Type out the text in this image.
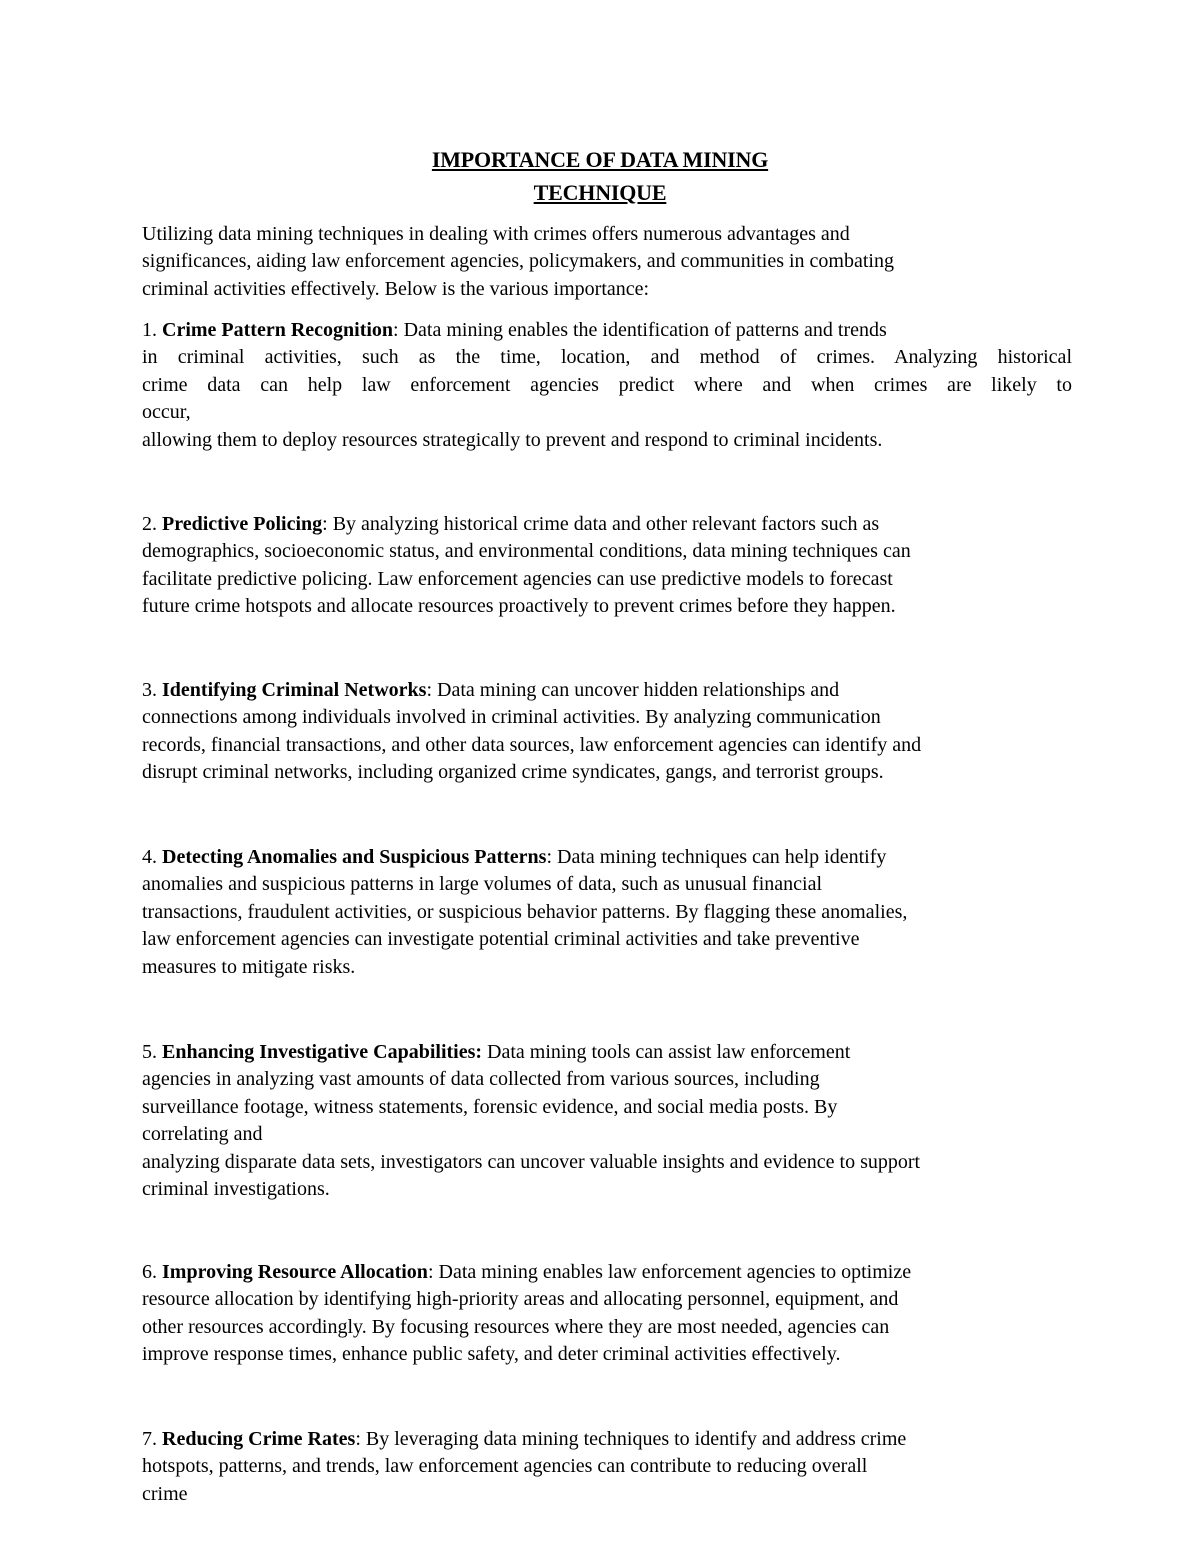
IMPORTANCE OF DATA MINING
TECHNIQUE
Utilizing data mining techniques in dealing with crimes offers numerous advantages and
significances, aiding law enforcement agencies, policymakers, and communities in combating
criminal activities effectively. Below is the various importance:
1. Crime Pattern Recognition: Data mining enables the identification of patterns and trends
in criminal activities, such as the time, location, and method of crimes. Analyzing historical
crime data can help law enforcement agencies predict where and when crimes are likely to
occur,
allowing them to deploy resources strategically to prevent and respond to criminal incidents.
2. Predictive Policing: By analyzing historical crime data and other relevant factors such as
demographics, socioeconomic status, and environmental conditions, data mining techniques can
facilitate predictive policing. Law enforcement agencies can use predictive models to forecast
future crime hotspots and allocate resources proactively to prevent crimes before they happen.
3. Identifying Criminal Networks: Data mining can uncover hidden relationships and
connections among individuals involved in criminal activities. By analyzing communication
records, financial transactions, and other data sources, law enforcement agencies can identify and
disrupt criminal networks, including organized crime syndicates, gangs, and terrorist groups.
4. Detecting Anomalies and Suspicious Patterns: Data mining techniques can help identify
anomalies and suspicious patterns in large volumes of data, such as unusual financial
transactions, fraudulent activities, or suspicious behavior patterns. By flagging these anomalies,
law enforcement agencies can investigate potential criminal activities and take preventive
measures to mitigate risks.
5. Enhancing Investigative Capabilities: Data mining tools can assist law enforcement
agencies in analyzing vast amounts of data collected from various sources, including
surveillance footage, witness statements, forensic evidence, and social media posts. By
correlating and
analyzing disparate data sets, investigators can uncover valuable insights and evidence to support
criminal investigations.
6. Improving Resource Allocation: Data mining enables law enforcement agencies to optimize
resource allocation by identifying high-priority areas and allocating personnel, equipment, and
other resources accordingly. By focusing resources where they are most needed, agencies can
improve response times, enhance public safety, and deter criminal activities effectively.
7. Reducing Crime Rates: By leveraging data mining techniques to identify and address crime
hotspots, patterns, and trends, law enforcement agencies can contribute to reducing overall
crime
